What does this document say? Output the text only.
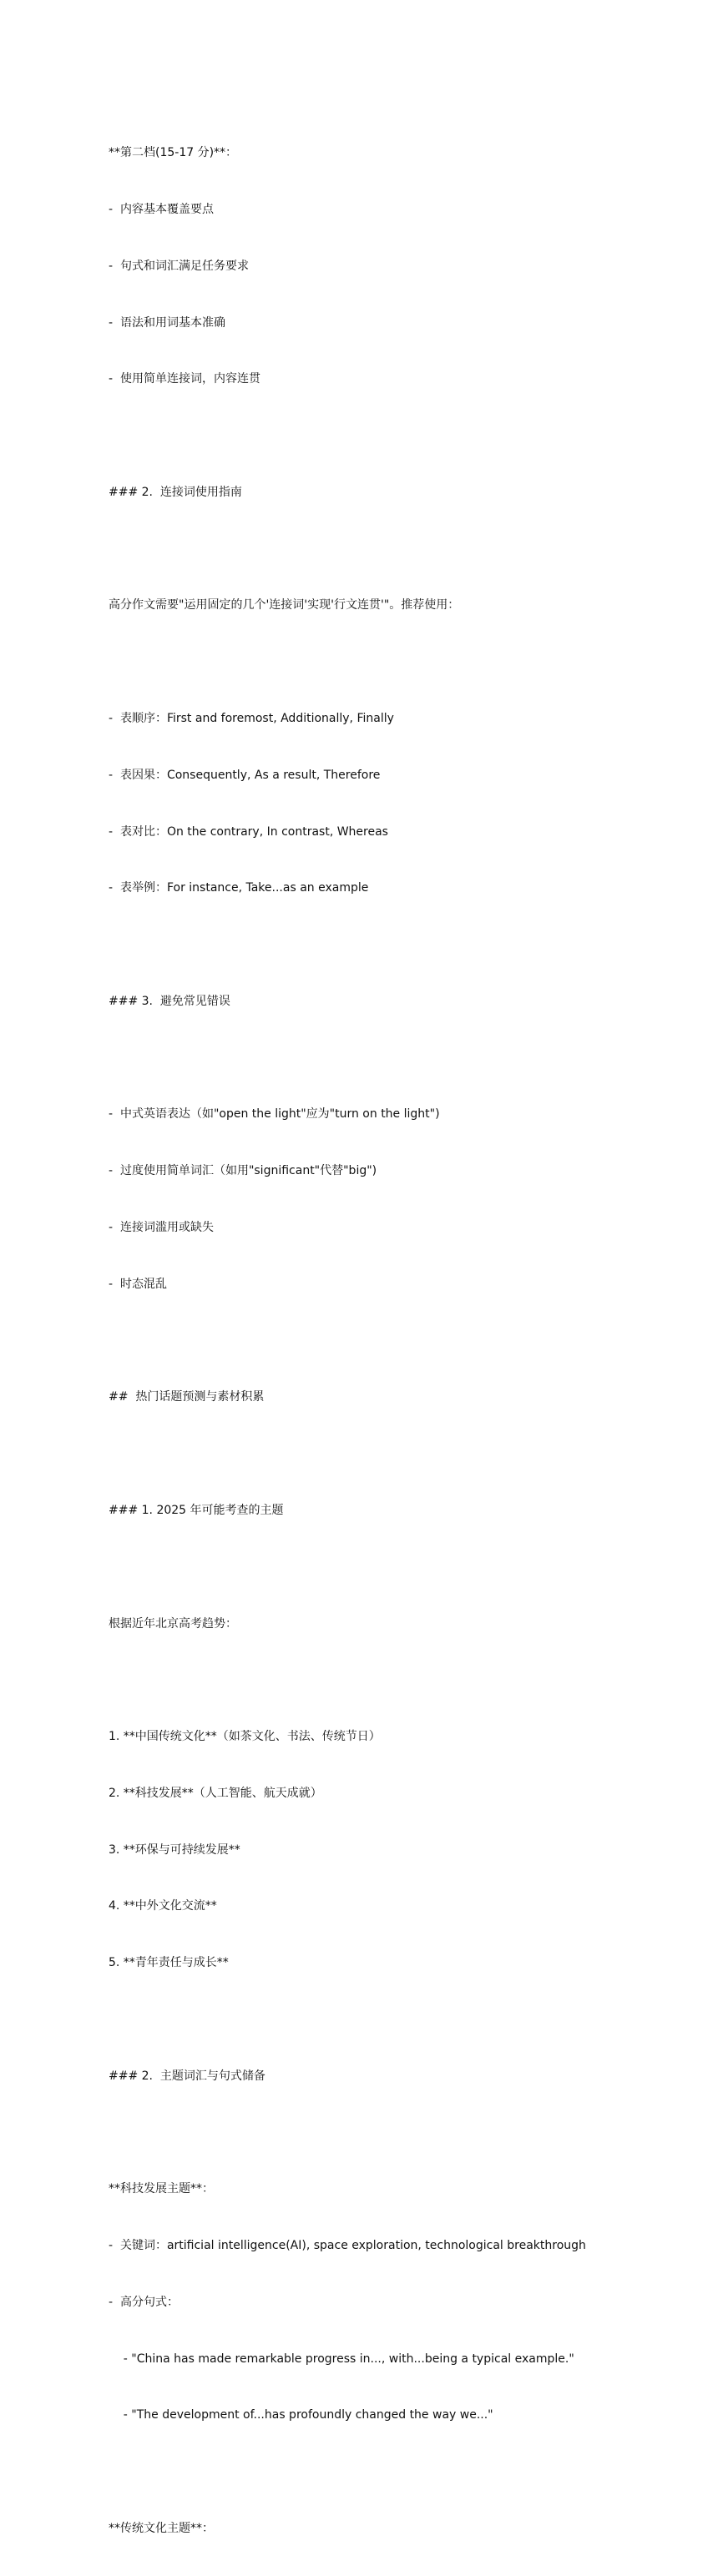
**第二档(15-17 分)**：

-  内容基本覆盖要点

-  句式和词汇满足任务要求

-  语法和用词基本准确

-  使用简单连接词，内容连贯

### 2.  连接词使用指南

高分作文需要"运用固定的几个'连接词'实现'行文连贯'"。推荐使用：

-  表顺序：First and foremost, Additionally, Finally

-  表因果：Consequently, As a result, Therefore

-  表对比：On the contrary, In contrast, Whereas

-  表举例：For instance, Take...as an example

### 3.  避免常见错误

-  中式英语表达（如"open the light"应为"turn on the light")

-  过度使用简单词汇（如用"significant"代替"big")

-  连接词滥用或缺失

-  时态混乱

##  热门话题预测与素材积累

### 1. 2025 年可能考查的主题

根据近年北京高考趋势：

1. **中国传统文化**（如茶文化、书法、传统节日）

2. **科技发展**（人工智能、航天成就）

3. **环保与可持续发展**

4. **中外文化交流**

5. **青年责任与成长**

### 2.  主题词汇与句式储备

**科技发展主题**：

-  关键词：artificial intelligence(AI), space exploration, technological breakthrough

-  高分句式：

- "China has made remarkable progress in..., with...being a typical example."

- "The development of...has profoundly changed the way we..."

**传统文化主题**：
